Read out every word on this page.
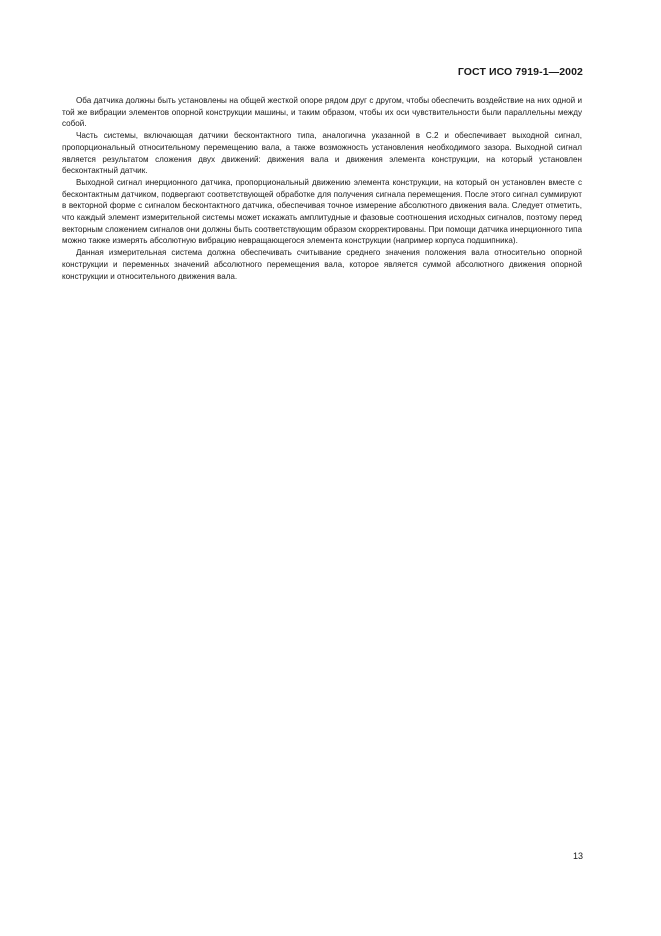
ГОСТ ИСО 7919-1—2002

Оба датчика должны быть установлены на общей жесткой опоре рядом друг с другом, чтобы обеспечить воздействие на них одной и той же вибрации элементов опорной конструкции машины, и таким образом, чтобы их оси чувствительности были параллельны между собой.

Часть системы, включающая датчики бесконтактного типа, аналогична указанной в С.2 и обеспечивает выходной сигнал, пропорциональный относительному перемещению вала, а также возможность установления необходимого зазора. Выходной сигнал является результатом сложения двух движений: движения вала и движения элемента конструкции, на который установлен бесконтактный датчик.

Выходной сигнал инерционного датчика, пропорциональный движению элемента конструкции, на который он установлен вместе с бесконтактным датчиком, подвергают соответствующей обработке для получения сигнала перемещения. После этого сигнал суммируют в векторной форме с сигналом бесконтактного датчика, обеспечивая точное измерение абсолютного движения вала. Следует отметить, что каждый элемент измерительной системы может искажать амплитудные и фазовые соотношения исходных сигналов, поэтому перед векторным сложением сигналов они должны быть соответствующим образом скорректированы. При помощи датчика инерционного типа можно также измерять абсолютную вибрацию невращающегося элемента конструкции (например корпуса подшипника).

Данная измерительная система должна обеспечивать считывание среднего значения положения вала относительно опорной конструкции и переменных значений абсолютного перемещения вала, которое является суммой абсолютного движения опорной конструкции и относительного движения вала.

13
